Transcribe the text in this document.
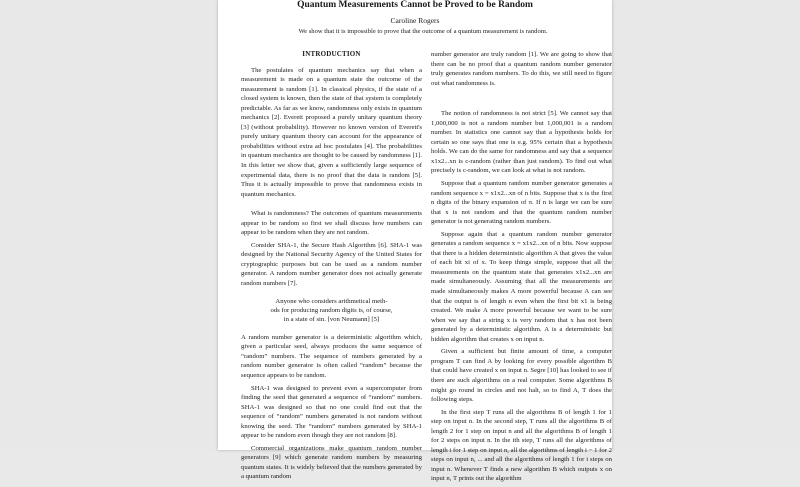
Quantum Measurements Cannot be Proved to be Random
Caroline Rogers
We show that it is impossible to prove that the outcome of a quantum measurement is random.
INTRODUCTION

The postulates of quantum mechanics say that when a measurement is made on a quantum state the outcome of the measurement is random [1]. In classical physics, if the state of a closed system is known, then the state of that system is completely predictable. As far as we know, randomness only exists in quantum mechanics [2]. Everett proposed a purely unitary quantum theory [3] (without probability). However no known version of Everett's purely unitary quantum theory can account for the appearance of probabilities without extra ad hoc postulates [4]. The probabilities in quantum mechanics are thought to be caused by randomness [1]. In this letter we show that, given a sufficiently large sequence of experimental data, there is no proof that the data is random [5]. Thus it is actually impossible to prove that randomness exists in quantum mechanics.

What is randomness? The outcomes of quantum measurements appear to be random so first we shall discuss how numbers can appear to be random when they are not random.

Consider SHA-1, the Secure Hash Algorithm [6]. SHA-1 was designed by the National Security Agency of the United States for cryptographic purposes but can be used as a random number generator. A random number generator does not actually generate random numbers [7].

Anyone who considers arithmetical meth-
ods for producing random digits is, of course,
in a state of sin. [von Neumann] [5]

A random number generator is a deterministic algorithm which, given a particular seed, always produces the same sequence of “random” numbers. The sequence of numbers generated by a random number generator is often called “random” because the sequence appears to be random.

SHA-1 was designed to prevent even a supercomputer from finding the seed that generated a sequence of “random” numbers. SHA-1 was designed so that no one could find out that the sequence of “random” numbers generated is not random without knowing the seed. The “random” numbers generated by SHA-1 appear to be random even though they are not random [8].

Commercial organizations make quantum random number generators [9] which generate random numbers by measuring quantum states. It is widely believed that the numbers generated by a quantum random

number generator are truly random [1]. We are going to show that there can be no proof that a quantum random number generator truly generates random numbers. To do this, we still need to figure out what randomness is.

The notion of randomness is not strict [5]. We cannot say that 1,000,000 is not a random number but 1,000,001 is a random number. In statistics one cannot say that a hypothesis holds for certain so one says that one is e.g. 95% certain that a hypothesis holds. We can do the same for randomness and say that a sequence x1x2...xn is c-random (rather than just random). To find out what precisely is c-random, we can look at what is not random.

Suppose that a quantum random number generator generates a random sequence x = x1x2...xn of n bits. Suppose that x is the first n digits of the binary expansion of π. If n is large we can be sure that x is not random and that the quantum random number generator is not generating random numbers.

Suppose again that a quantum random number generator generates a random sequence x = x1x2...xn of n bits. Now suppose that there is a hidden deterministic algorithm A that gives the value of each bit xi of x. To keep things simple, suppose that all the measurements on the quantum state that generates x1x2...xn are made simultaneously. Assuming that all the measurements are made simultaneously makes A more powerful because A can see that the output is of length n even when the first bit x1 is being created. We make A more powerful because we want to be sure when we say that a string x is very random that x has not been generated by a deterministic algorithm. A is a deterministic but hidden algorithm that creates x on input n.

Given a sufficient but finite amount of time, a computer program T can find A by looking for every possible algorithm B that could have created x on input n. Segre [10] has looked to see if there are such algorithms on a real computer. Some algorithms B might go round in circles and not halt, so to find A, T does the following steps.

In the first step T runs all the algorithms B of length 1 for 1 step on input n. In the second step, T runs all the algorithms B of length 2 for 1 step on input n and all the algorithms B of length 1 for 2 steps on input n. In the ith step, T runs all the algorithms of length i for 1 step on input n, all the algorithms of length i − 1 for 2 steps on input n, ... and all the algorithms of length 1 for i steps on input n. Whenever T finds a new algorithm B which outputs x on input n, T prints out the algorithm
